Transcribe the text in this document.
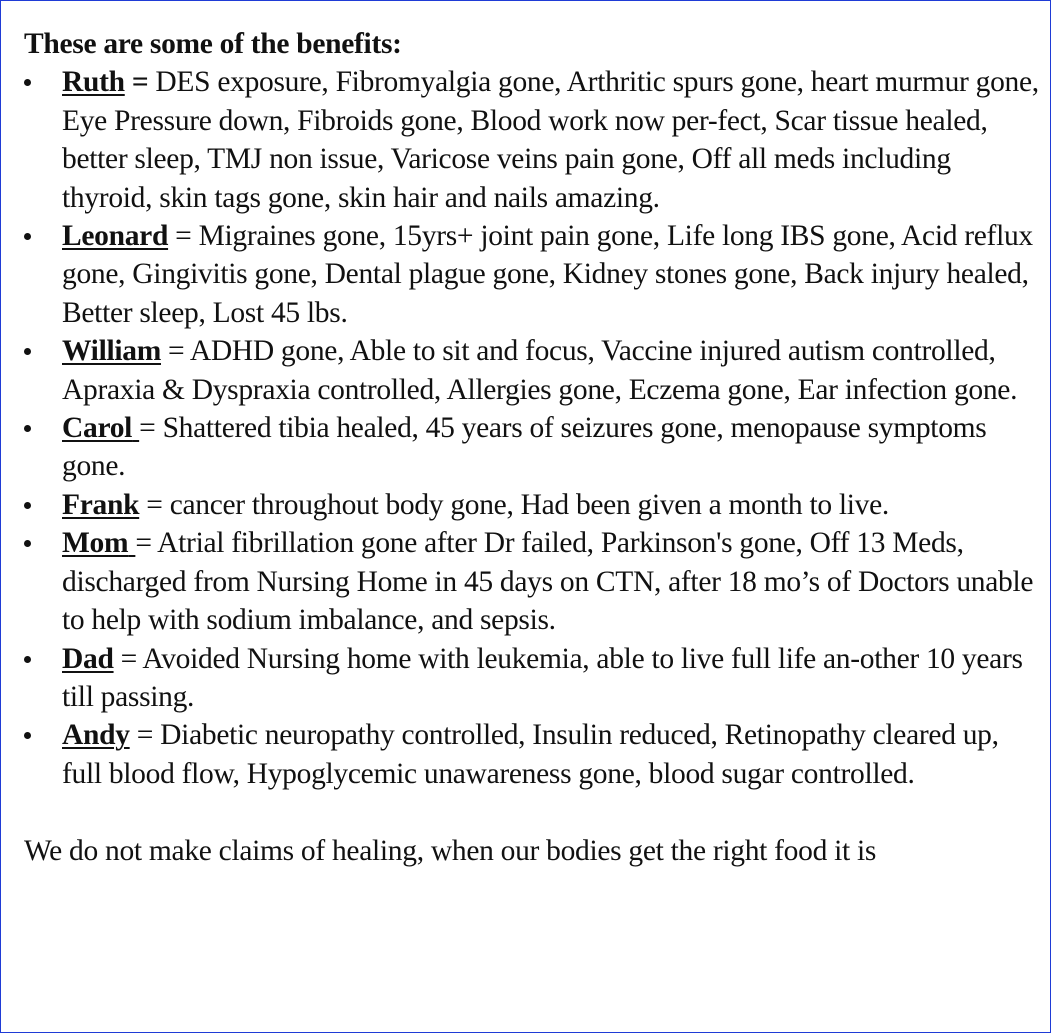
These are some of the benefits:

Ruth = DES exposure, Fibromyalgia gone, Arthritic spurs gone, heart murmur gone, Eye Pressure down, Fibroids gone, Blood work now per-fect, Scar tissue healed, better sleep, TMJ non issue, Varicose veins pain gone, Off all meds including thyroid, skin tags gone, skin hair and nails amazing.
Leonard = Migraines gone, 15yrs+ joint pain gone, Life long IBS gone, Acid reflux gone, Gingivitis gone, Dental plague gone, Kidney stones gone, Back injury healed, Better sleep, Lost 45 lbs.
William = ADHD gone, Able to sit and focus, Vaccine injured autism controlled, Apraxia & Dyspraxia controlled, Allergies gone, Eczema gone, Ear infection gone.
Carol = Shattered tibia healed, 45 years of seizures gone, menopause symptoms gone.
Frank = cancer throughout body gone, Had been given a month to live.
Mom = Atrial fibrillation gone after Dr failed, Parkinson's gone, Off 13 Meds, discharged from Nursing Home in 45 days on CTN, after 18 mo’s of Doctors unable to help with sodium imbalance, and sepsis.
Dad = Avoided Nursing home with leukemia, able to live full life an-other 10 years till passing.
Andy = Diabetic neuropathy controlled, Insulin reduced, Retinopathy cleared up, full blood flow, Hypoglycemic unawareness gone, blood sugar controlled.

We do not make claims of healing, when our bodies get the right food it is
